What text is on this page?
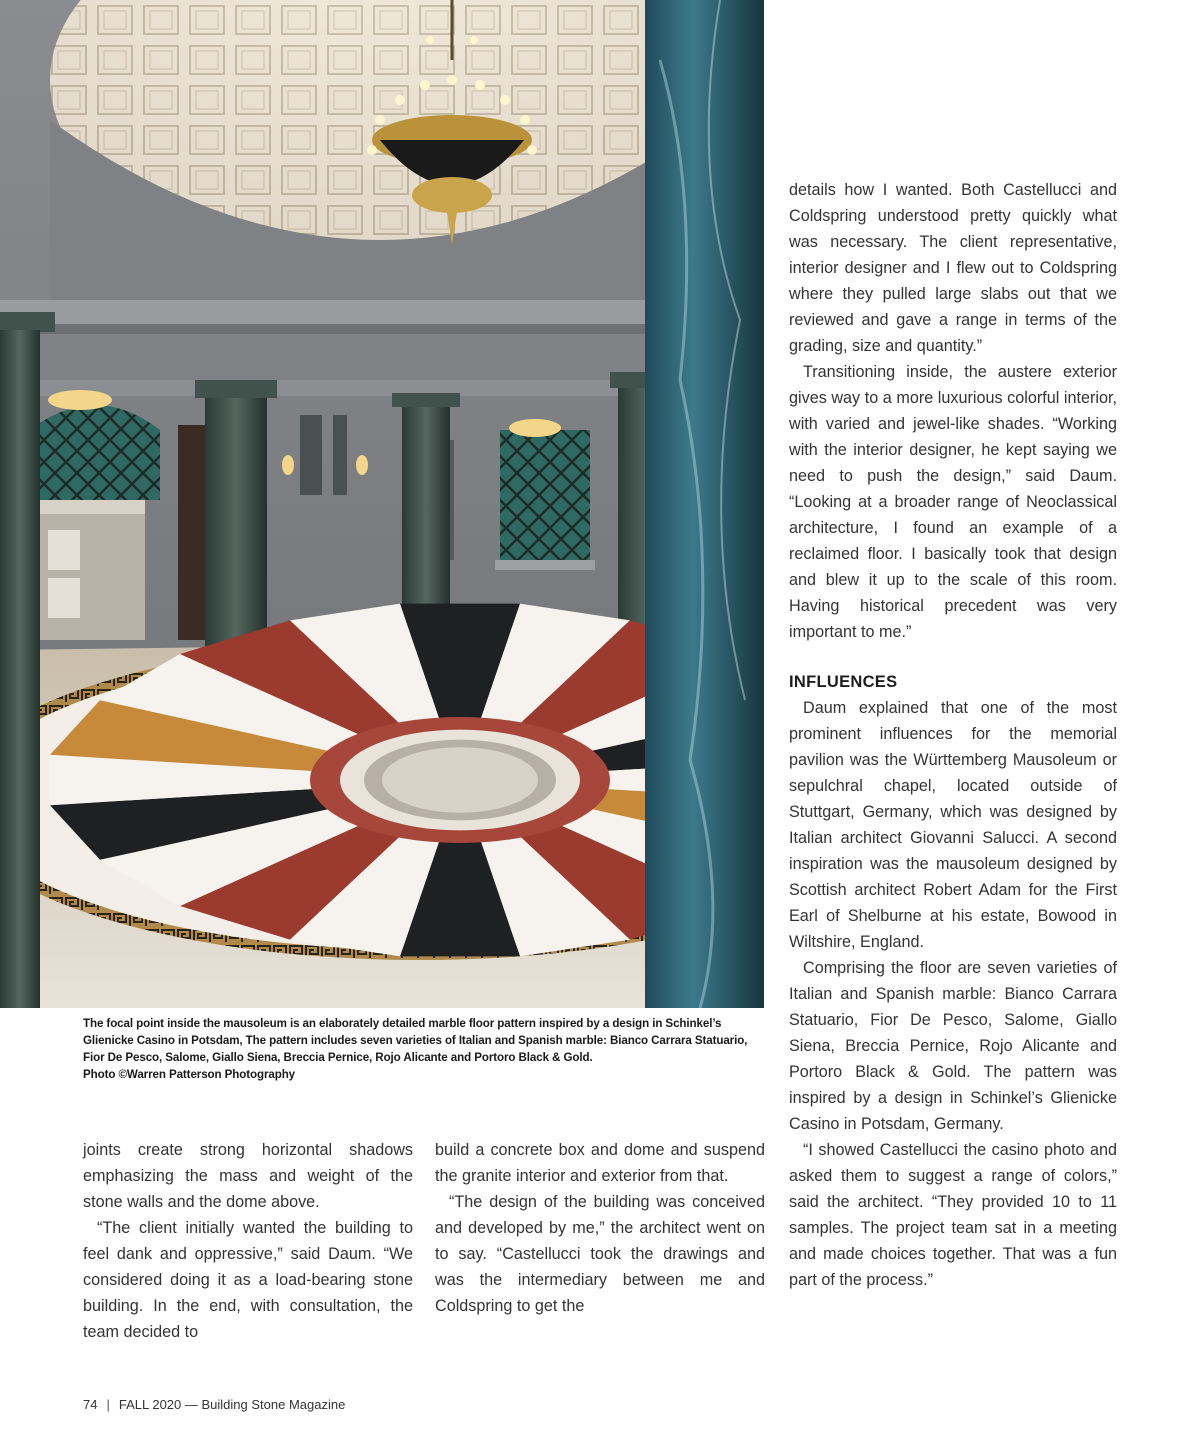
The focal point inside the mausoleum is an elaborately detailed marble floor pattern inspired by a design in Schinkel’s Glienicke Casino in Potsdam, The pattern includes seven varieties of Italian and Spanish marble: Bianco Carrara Statuario, Fior De Pesco, Salome, Giallo Siena, Breccia Pernice, Rojo Alicante and Portoro Black & Gold.

Photo ©Warren Patterson Photography

joints create strong horizontal shadows emphasizing the mass and weight of the stone walls and the dome above.

“The client initially wanted the building to feel dank and oppressive,” said Daum. “We considered doing it as a load-bearing stone building. In the end, with consultation, the team decided to

build a concrete box and dome and suspend the granite interior and exterior from that.

“The design of the building was conceived and developed by me,” the architect went on to say. “Castellucci took the drawings and was the intermediary between me and Coldspring to get the

details how I wanted. Both Castellucci and Coldspring understood pretty quickly what was necessary. The client representative, interior designer and I flew out to Coldspring where they pulled large slabs out that we reviewed and gave a range in terms of the grading, size and quantity.”

Transitioning inside, the austere exterior gives way to a more luxurious colorful interior, with varied and jewel-like shades. “Working with the interior designer, he kept saying we need to push the design,” said Daum. “Looking at a broader range of Neoclassical architecture, I found an example of a reclaimed floor. I basically took that design and blew it up to the scale of this room. Having historical precedent was very important to me.”

INFLUENCES

Daum explained that one of the most prominent influences for the memorial pavilion was the Württemberg Mausoleum or sepulchral chapel, located outside of Stuttgart, Germany, which was designed by Italian architect Giovanni Salucci. A second inspiration was the mausoleum designed by Scottish architect Robert Adam for the First Earl of Shelburne at his estate, Bowood in Wiltshire, England.

Comprising the floor are seven varieties of Italian and Spanish marble: Bianco Carrara Statuario, Fior De Pesco, Salome, Giallo Siena, Breccia Pernice, Rojo Alicante and Portoro Black & Gold. The pattern was inspired by a design in Schinkel’s Glienicke Casino in Potsdam, Germany.

“I showed Castellucci the casino photo and asked them to suggest a range of colors,” said the architect. “They provided 10 to 11 samples. The project team sat in a meeting and made choices together. That was a fun part of the process.”

74 | FALL 2020 — Building Stone Magazine
